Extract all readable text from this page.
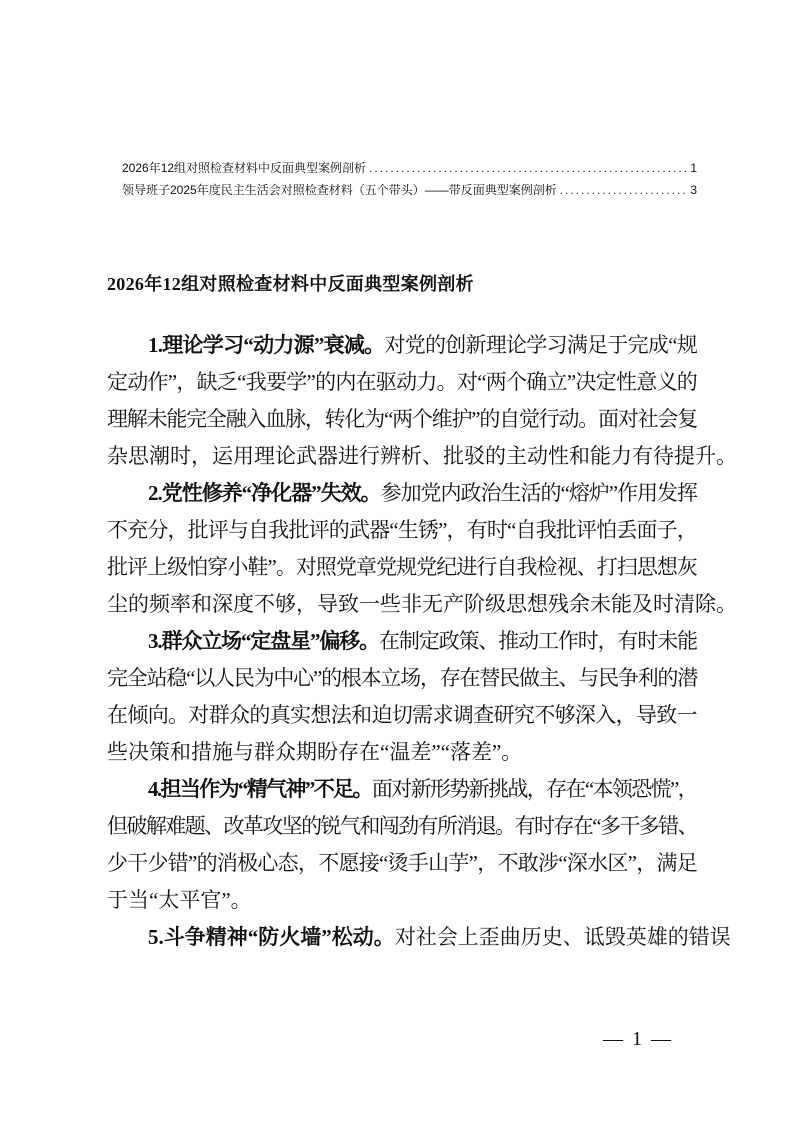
2026年12组对照检查材料中反面典型案例剖析 .....	1
领导班子2025年度民主生活会对照检查材料（五个带头）——带反面典型案例剖析 .....	3
2026年12组对照检查材料中反面典型案例剖析
1.理论学习“动力源”衰减。对党的创新理论学习满足于完成“规
定动作”，缺乏“我要学”的内在驱动力。对“两个确立”决定性意义的
理解未能完全融入血脉，转化为“两个维护”的自觉行动。面对社会复
杂思潮时，运用理论武器进行辨析、批驳的主动性和能力有待提升。
2.党性修养“净化器”失效。参加党内政治生活的“熔炉”作用发挥
不充分，批评与自我批评的武器“生锈”，有时“自我批评怕丢面子，
批评上级怕穿小鞋”。对照党章党规党纪进行自我检视、打扫思想灰
尘的频率和深度不够，导致一些非无产阶级思想残余未能及时清除。
3.群众立场“定盘星”偏移。在制定政策、推动工作时，有时未能
完全站稳“以人民为中心”的根本立场，存在替民做主、与民争利的潜
在倾向。对群众的真实想法和迫切需求调查研究不够深入，导致一
些决策和措施与群众期盼存在“温差”“落差”。
4.担当作为“精气神”不足。面对新形势新挑战，存在“本领恐慌”，
但破解难题、改革攻坚的锐气和闯劲有所消退。有时存在“多干多错、
少干少错”的消极心态，不愿接“烫手山芋”，不敢涉“深水区”，满足
于当“太平官”。
5.斗争精神“防火墙”松动。对社会上歪曲历史、诋毁英雄的错误
— 1 —
